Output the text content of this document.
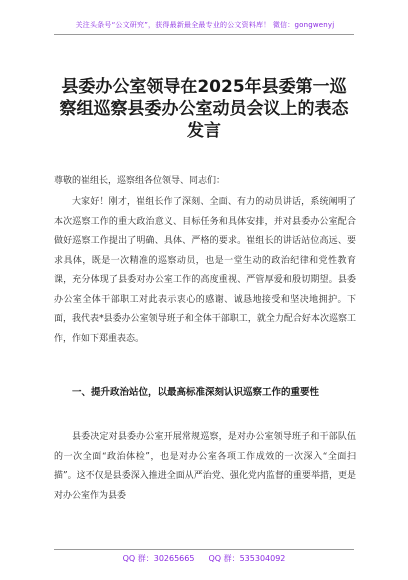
关注头条号“公文研究”，获得最新最全最专业的公文资料库！ 微信：gongwenyj
县委办公室领导在2025年县委第一巡察组巡察县委办公室动员会议上的表态发言
尊敬的崔组长，巡察组各位领导、同志们：
大家好！刚才，崔组长作了深刻、全面、有力的动员讲话，系统阐明了本次巡察工作的重大政治意义、目标任务和具体安排，并对县委办公室配合做好巡察工作提出了明确、具体、严格的要求。崔组长的讲话站位高远、要求具体，既是一次精准的巡察动员，也是一堂生动的政治纪律和党性教育课，充分体现了县委对办公室工作的高度重视、严管厚爱和殷切期望。县委办公室全体干部职工对此表示衷心的感谢、诚恳地接受和坚决地拥护。下面，我代表*县委办公室领导班子和全体干部职工，就全力配合好本次巡察工作，作如下郑重表态。
一、提升政治站位，以最高标准深刻认识巡察工作的重要性
县委决定对县委办公室开展常规巡察，是对办公室领导班子和干部队伍的一次全面“政治体检”，也是对办公室各项工作成效的一次深入“全面扫描”。这不仅是县委深入推进全面从严治党、强化党内监督的重要举措，更是对办公室作为县委
QQ 群：30265665 QQ 群：535304092
